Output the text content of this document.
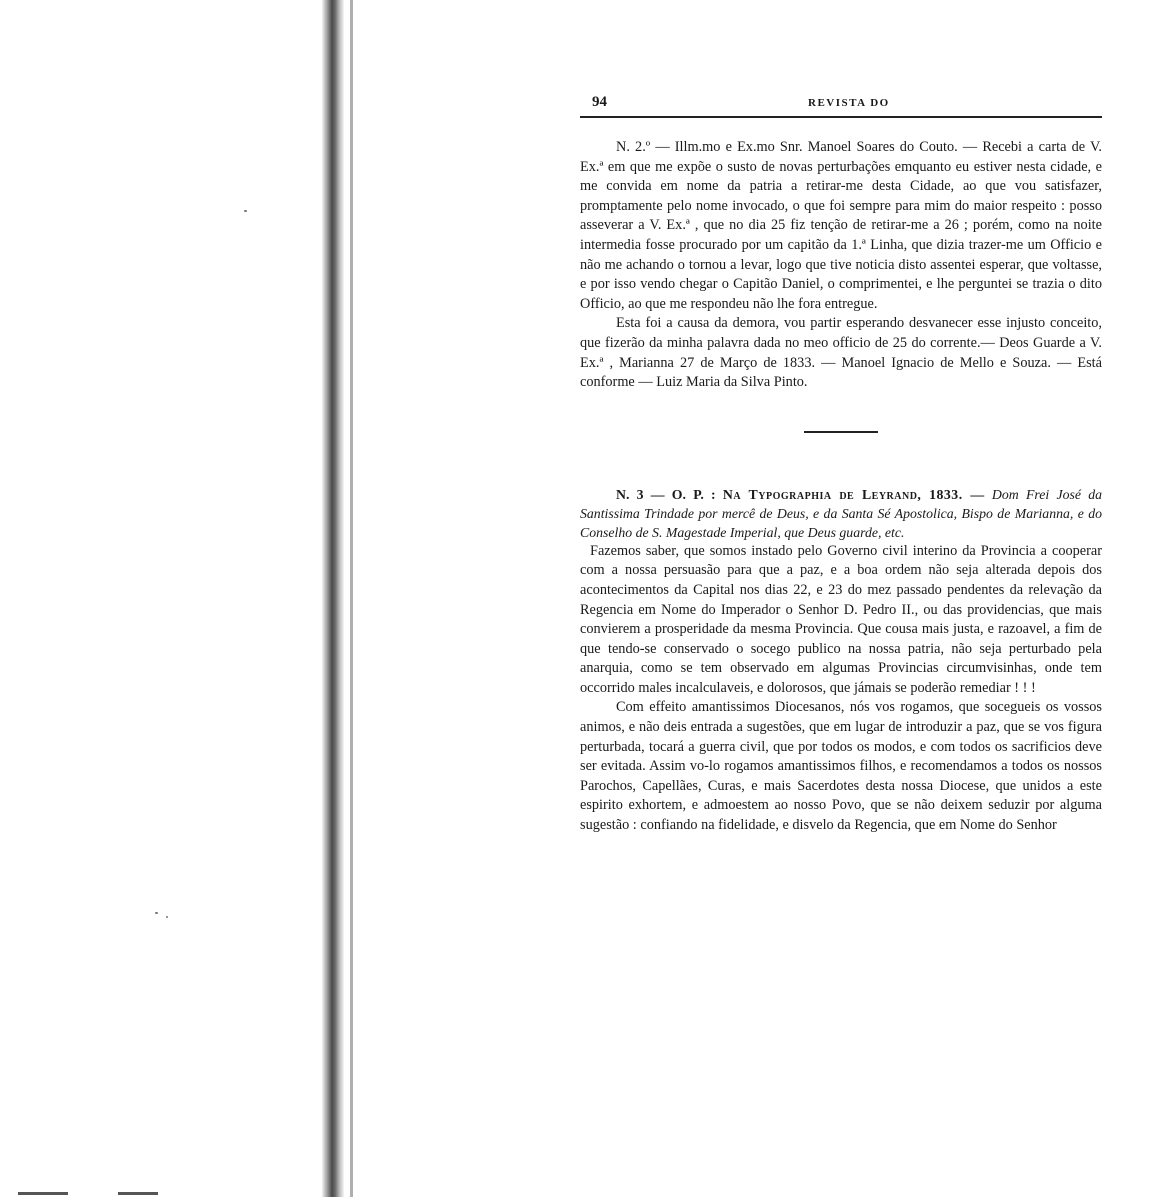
94	REVISTA DO

N. 2.º — Illm.mo e Ex.mo Snr. Manoel Soares do Couto. — Recebi a carta de V. Ex.ª em que me expõe o susto de novas perturbações emquanto eu estiver nesta cidade, e me convida em nome da patria a retirar-me desta Cidade, ao que vou satisfazer, promptamente pelo nome invocado, o que foi sempre para mim do maior respeito : posso asseverar a V. Ex.ª , que no dia 25 fiz tenção de retirar-me a 26 ; porém, como na noite intermedia fosse procurado por um capitão da 1.ª Linha, que dizia trazer-me um Officio e não me achando o tornou a levar, logo que tive noticia disto assentei esperar, que voltasse, e por isso vendo chegar o Capitão Daniel, o comprimentei, e lhe perguntei se trazia o dito Officio, ao que me respondeu não lhe fora entregue.

Esta foi a causa da demora, vou partir esperando desvanecer esse injusto conceito, que fizerão da minha palavra dada no meo officio de 25 do corrente.— Deos Guarde a V. Ex.ª , Marianna 27 de Março de 1833. — Manoel Ignacio de Mello e Souza. — Está conforme — Luiz Maria da Silva Pinto.

N. 3 — O. P. : Na Typographia de Leyrand, 1833. — Dom Frei José da Santissima Trindade por mercê de Deus, e da Santa Sé Apostolica, Bispo de Marianna, e do Conselho de S. Magestade Imperial, que Deus guarde, etc.

Fazemos saber, que somos instado pelo Governo civil interino da Provincia a cooperar com a nossa persuasão para que a paz, e a boa ordem não seja alterada depois dos acontecimentos da Capital nos dias 22, e 23 do mez passado pendentes da relevação da Regencia em Nome do Imperador o Senhor D. Pedro II., ou das providencias, que mais convierem a prosperidade da mesma Provincia. Que cousa mais justa, e razoavel, a fim de que tendo-se conservado o socego publico na nossa patria, não seja perturbado pela anarquia, como se tem observado em algumas Provincias circumvisinhas, onde tem occorrido males incalculaveis, e dolorosos, que jámais se poderão remediar ! ! !

Com effeito amantissimos Diocesanos, nós vos rogamos, que socegueis os vossos animos, e não deis entrada a sugestões, que em lugar de introduzir a paz, que se vos figura perturbada, tocará a guerra civil, que por todos os modos, e com todos os sacrificios deve ser evitada. Assim vo-lo rogamos amantissimos filhos, e recomendamos a todos os nossos Parochos, Capellães, Curas, e mais Sacerdotes desta nossa Diocese, que unidos a este espirito exhortem, e admoestem ao nosso Povo, que se não deixem seduzir por alguma sugestão : confiando na fidelidade, e disvelo da Regencia, que em Nome do Senhor
